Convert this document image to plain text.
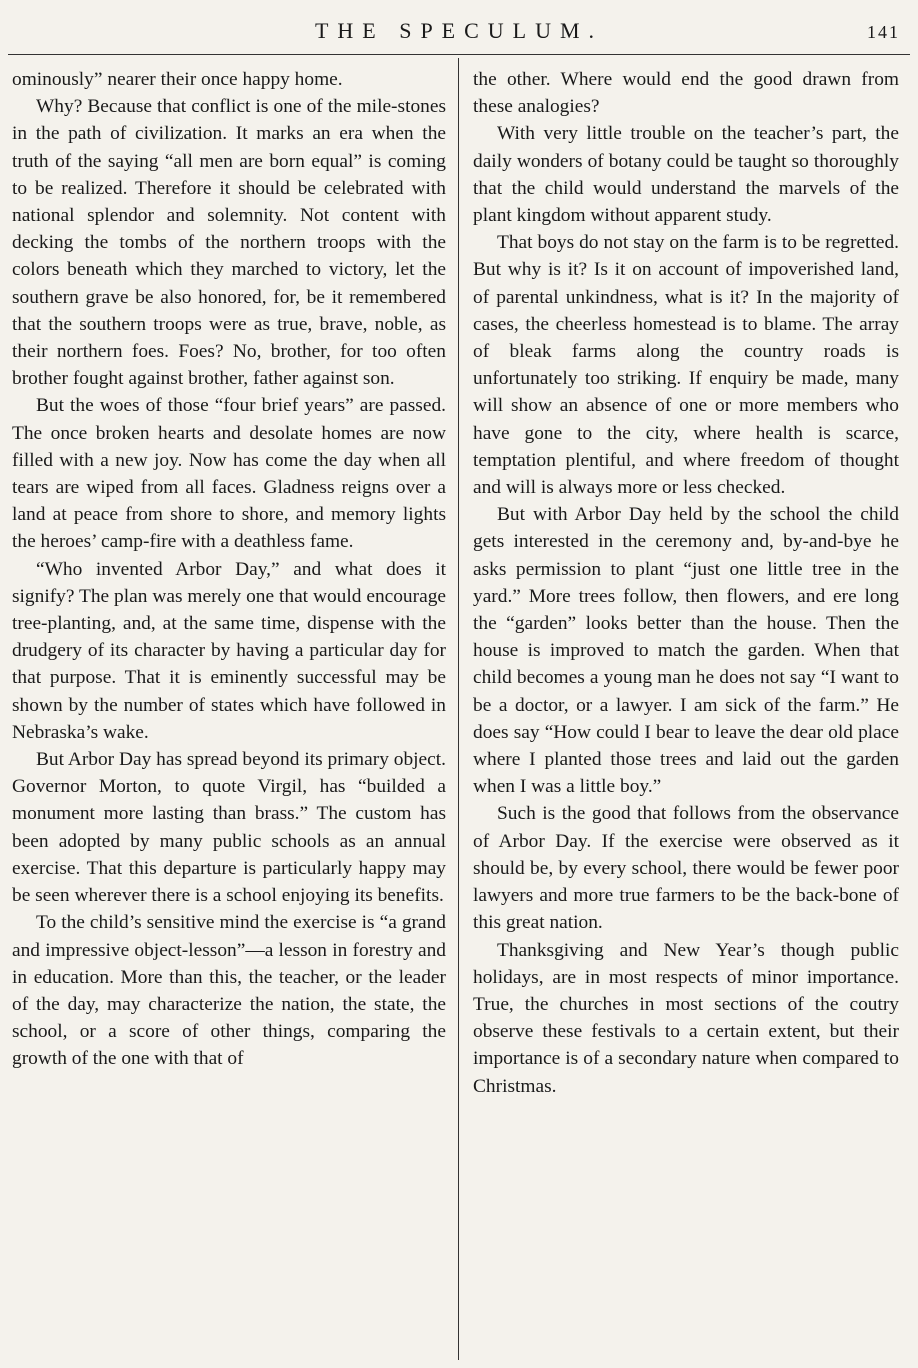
THE SPECULUM.	141

ominously” nearer their once happy home.

Why? Because that conflict is one of the mile-stones in the path of civilization. It marks an era when the truth of the saying “all men are born equal” is coming to be realized. Therefore it should be celebrated with national splendor and solemnity. Not content with decking the tombs of the northern troops with the colors beneath which they marched to victory, let the southern grave be also honored, for, be it remembered that the southern troops were as true, brave, noble, as their northern foes. Foes? No, brother, for too often brother fought against brother, father against son.

But the woes of those “four brief years” are passed. The once broken hearts and desolate homes are now filled with a new joy. Now has come the day when all tears are wiped from all faces. Gladness reigns over a land at peace from shore to shore, and memory lights the heroes’ camp-fire with a deathless fame.

“Who invented Arbor Day,” and what does it signify? The plan was merely one that would encourage tree-planting, and, at the same time, dispense with the drudgery of its character by having a particular day for that purpose. That it is eminently successful may be shown by the number of states which have followed in Nebraska’s wake.

But Arbor Day has spread beyond its primary object. Governor Morton, to quote Virgil, has “builded a monument more lasting than brass.” The custom has been adopted by many public schools as an annual exercise. That this departure is particularly happy may be seen wherever there is a school enjoying its benefits.

To the child’s sensitive mind the exercise is “a grand and impressive object-lesson”—a lesson in forestry and in education. More than this, the teacher, or the leader of the day, may characterize the nation, the state, the school, or a score of other things, comparing the growth of the one with that of

the other. Where would end the good drawn from these analogies?

With very little trouble on the teacher’s part, the daily wonders of botany could be taught so thoroughly that the child would understand the marvels of the plant kingdom without apparent study.

That boys do not stay on the farm is to be regretted. But why is it? Is it on account of impoverished land, of parental unkindness, what is it? In the majority of cases, the cheerless homestead is to blame. The array of bleak farms along the country roads is unfortunately too striking. If enquiry be made, many will show an absence of one or more members who have gone to the city, where health is scarce, temptation plentiful, and where freedom of thought and will is always more or less checked.

But with Arbor Day held by the school the child gets interested in the ceremony and, by-and-bye he asks permission to plant “just one little tree in the yard.” More trees follow, then flowers, and ere long the “garden” looks better than the house. Then the house is improved to match the garden. When that child becomes a young man he does not say “I want to be a doctor, or a lawyer. I am sick of the farm.” He does say “How could I bear to leave the dear old place where I planted those trees and laid out the garden when I was a little boy.”

Such is the good that follows from the observance of Arbor Day. If the exercise were observed as it should be, by every school, there would be fewer poor lawyers and more true farmers to be the back-bone of this great nation.

Thanksgiving and New Year’s though public holidays, are in most respects of minor importance. True, the churches in most sections of the coutry observe these festivals to a certain extent, but their importance is of a secondary nature when compared to Christmas.
